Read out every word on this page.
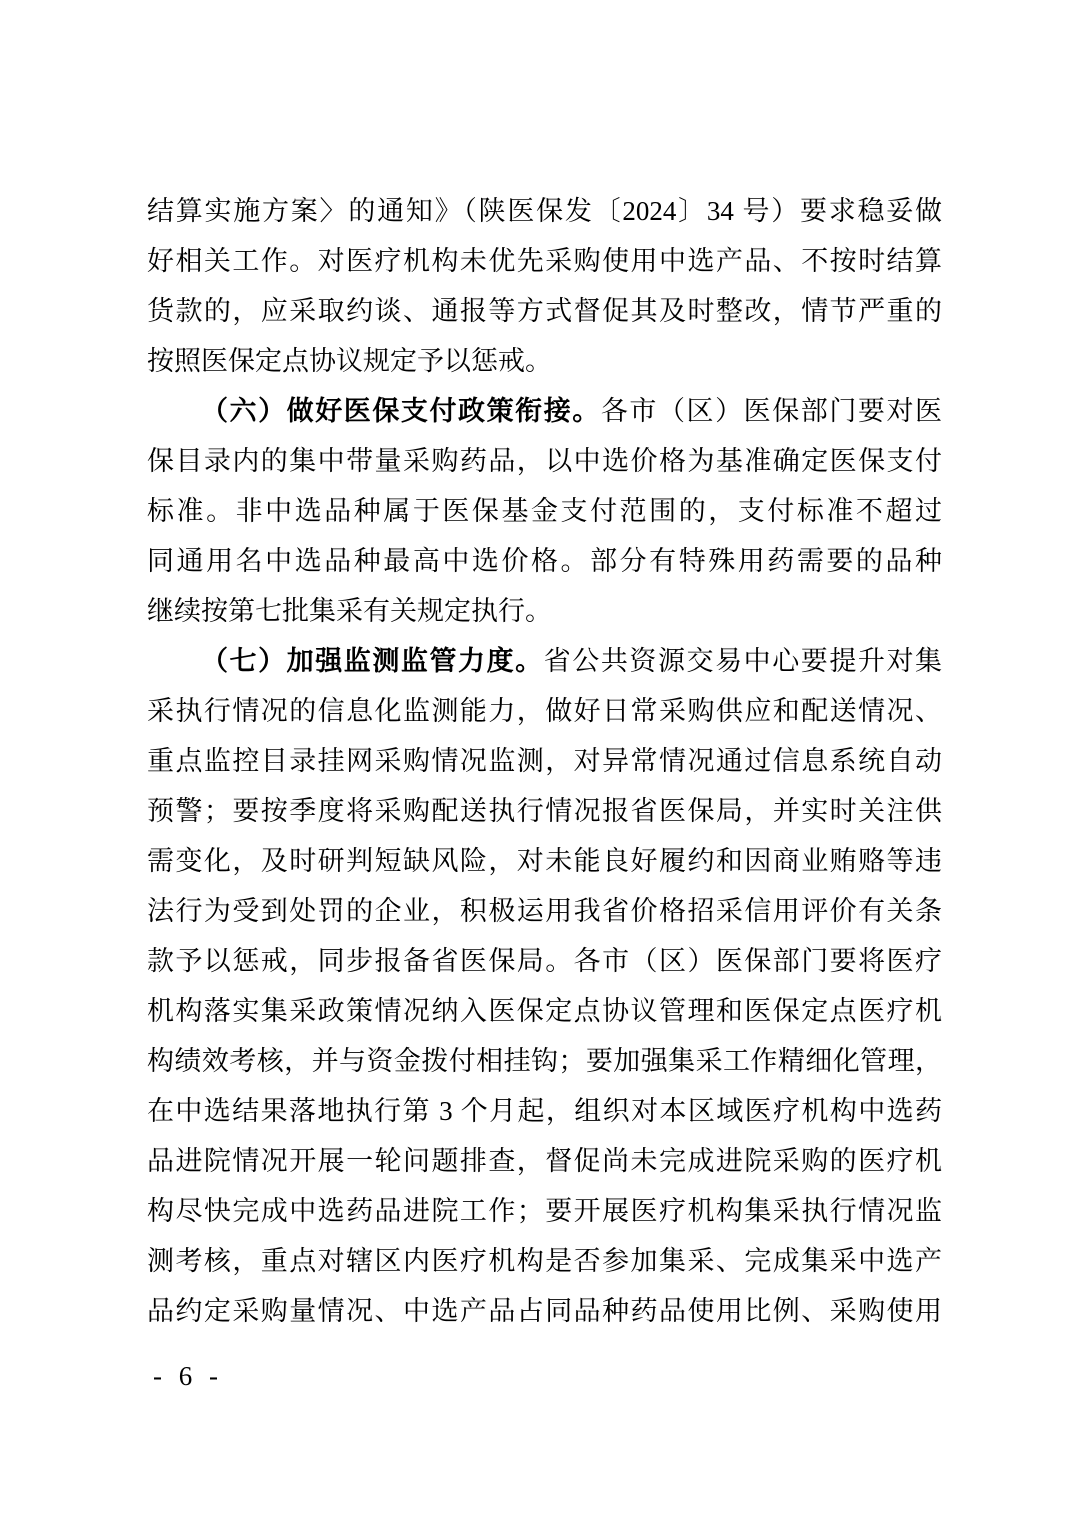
结算实施方案〉的通知》（陕医保发〔2024〕34 号）要求稳妥做
好相关工作。对医疗机构未优先采购使用中选产品、不按时结算
货款的，应采取约谈、通报等方式督促其及时整改，情节严重的
按照医保定点协议规定予以惩戒。
（六）做好医保支付政策衔接。各市（区）医保部门要对医
保目录内的集中带量采购药品，以中选价格为基准确定医保支付
标准。非中选品种属于医保基金支付范围的，支付标准不超过
同通用名中选品种最高中选价格。部分有特殊用药需要的品种
继续按第七批集采有关规定执行。
（七）加强监测监管力度。省公共资源交易中心要提升对集
采执行情况的信息化监测能力，做好日常采购供应和配送情况、
重点监控目录挂网采购情况监测，对异常情况通过信息系统自动
预警；要按季度将采购配送执行情况报省医保局，并实时关注供
需变化，及时研判短缺风险，对未能良好履约和因商业贿赂等违
法行为受到处罚的企业，积极运用我省价格招采信用评价有关条
款予以惩戒，同步报备省医保局。各市（区）医保部门要将医疗
机构落实集采政策情况纳入医保定点协议管理和医保定点医疗机
构绩效考核，并与资金拨付相挂钩；要加强集采工作精细化管理，
在中选结果落地执行第 3 个月起，组织对本区域医疗机构中选药
品进院情况开展一轮问题排查，督促尚未完成进院采购的医疗机
构尽快完成中选药品进院工作；要开展医疗机构集采执行情况监
测考核，重点对辖区内医疗机构是否参加集采、完成集采中选产
品约定采购量情况、中选产品占同品种药品使用比例、采购使用
- 6 -
